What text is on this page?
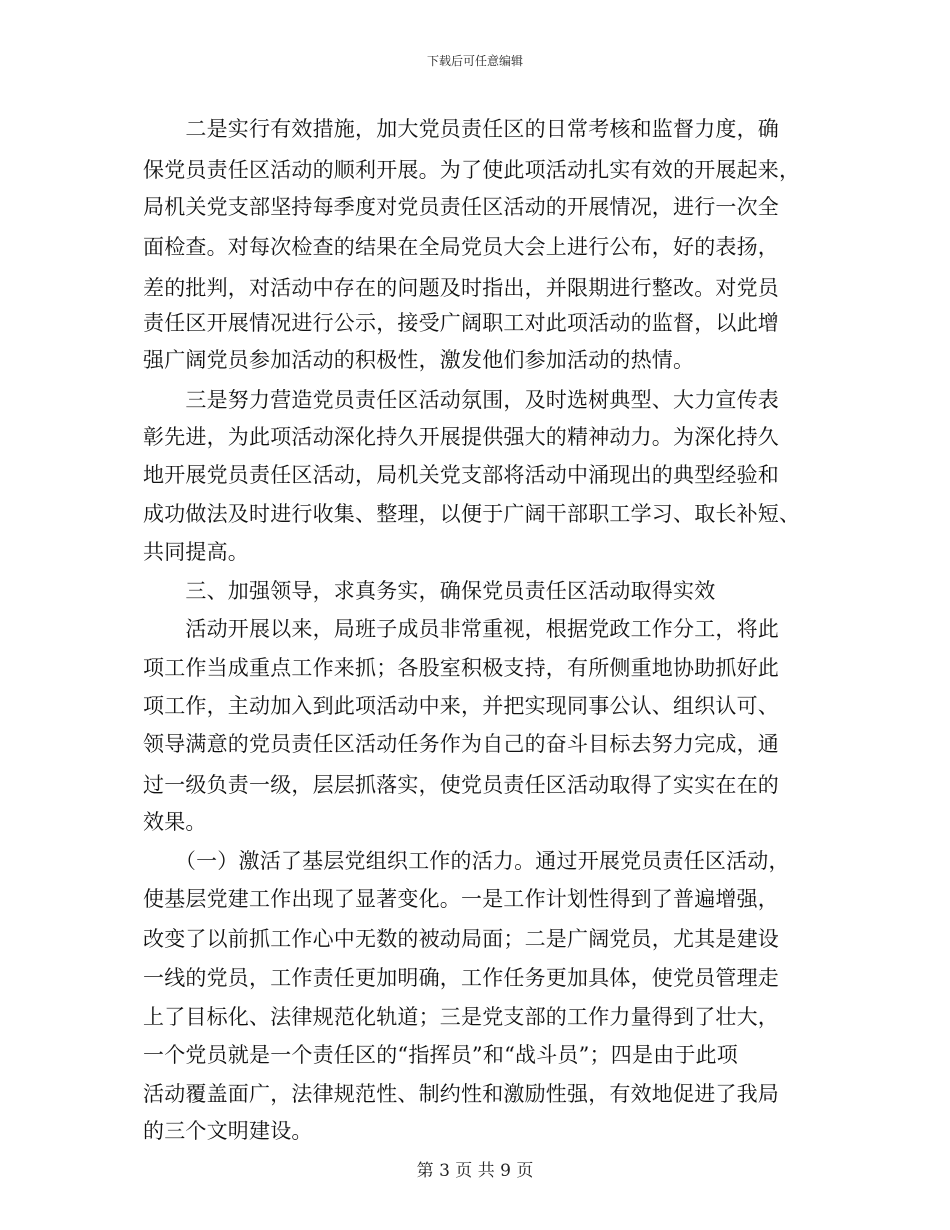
下载后可任意编辑
　　二是实行有效措施，加大党员责任区的日常考核和监督力度，确
保党员责任区活动的顺利开展。为了使此项活动扎实有效的开展起来，
局机关党支部坚持每季度对党员责任区活动的开展情况，进行一次全
面检查。对每次检查的结果在全局党员大会上进行公布，好的表扬，
差的批判，对活动中存在的问题及时指出，并限期进行整改。对党员
责任区开展情况进行公示，接受广阔职工对此项活动的监督，以此增
强广阔党员参加活动的积极性，激发他们参加活动的热情。
　　三是努力营造党员责任区活动氛围，及时选树典型、大力宣传表
彰先进，为此项活动深化持久开展提供强大的精神动力。为深化持久
地开展党员责任区活动，局机关党支部将活动中涌现出的典型经验和
成功做法及时进行收集、整理，以便于广阔干部职工学习、取长补短、
共同提高。
　　三、加强领导，求真务实，确保党员责任区活动取得实效
　　活动开展以来，局班子成员非常重视，根据党政工作分工，将此
项工作当成重点工作来抓；各股室积极支持，有所侧重地协助抓好此
项工作，主动加入到此项活动中来，并把实现同事公认、组织认可、
领导满意的党员责任区活动任务作为自己的奋斗目标去努力完成，通
过一级负责一级，层层抓落实，使党员责任区活动取得了实实在在的
效果。
　　（一）激活了基层党组织工作的活力。通过开展党员责任区活动，
使基层党建工作出现了显著变化。一是工作计划性得到了普遍增强，
改变了以前抓工作心中无数的被动局面；二是广阔党员，尤其是建设
一线的党员，工作责任更加明确，工作任务更加具体，使党员管理走
上了目标化、法律规范化轨道；三是党支部的工作力量得到了壮大，
一个党员就是一个责任区的“指挥员”和“战斗员”；四是由于此项
活动覆盖面广，法律规范性、制约性和激励性强，有效地促进了我局
的三个文明建设。
第 3 页 共 9 页
